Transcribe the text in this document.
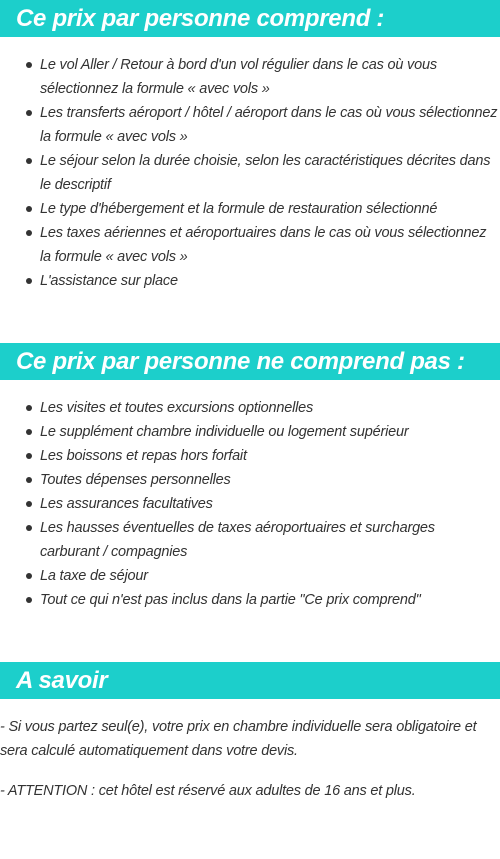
Ce prix par personne comprend :
Le vol Aller / Retour à bord d'un vol régulier dans le cas où vous sélectionnez la formule « avec vols »
Les transferts aéroport / hôtel / aéroport dans le cas où vous sélectionnez la formule « avec vols »
Le séjour selon la durée choisie, selon les caractéristiques décrites dans le descriptif
Le type d'hébergement et la formule de restauration sélectionné
Les taxes aériennes et aéroportuaires dans le cas où vous sélectionnez la formule « avec vols »
L'assistance sur place
Ce prix par personne ne comprend pas :
Les visites et toutes excursions optionnelles
Le supplément chambre individuelle ou logement supérieur
Les boissons et repas hors forfait
Toutes dépenses personnelles
Les assurances facultatives
Les hausses éventuelles de taxes aéroportuaires et surcharges carburant / compagnies
La taxe de séjour
Tout ce qui n'est pas inclus dans la partie "Ce prix comprend"
A savoir

- Si vous partez seul(e), votre prix en chambre individuelle sera obligatoire et sera calculé automatiquement dans votre devis.

- ATTENTION : cet hôtel est réservé aux adultes de 16 ans et plus.
